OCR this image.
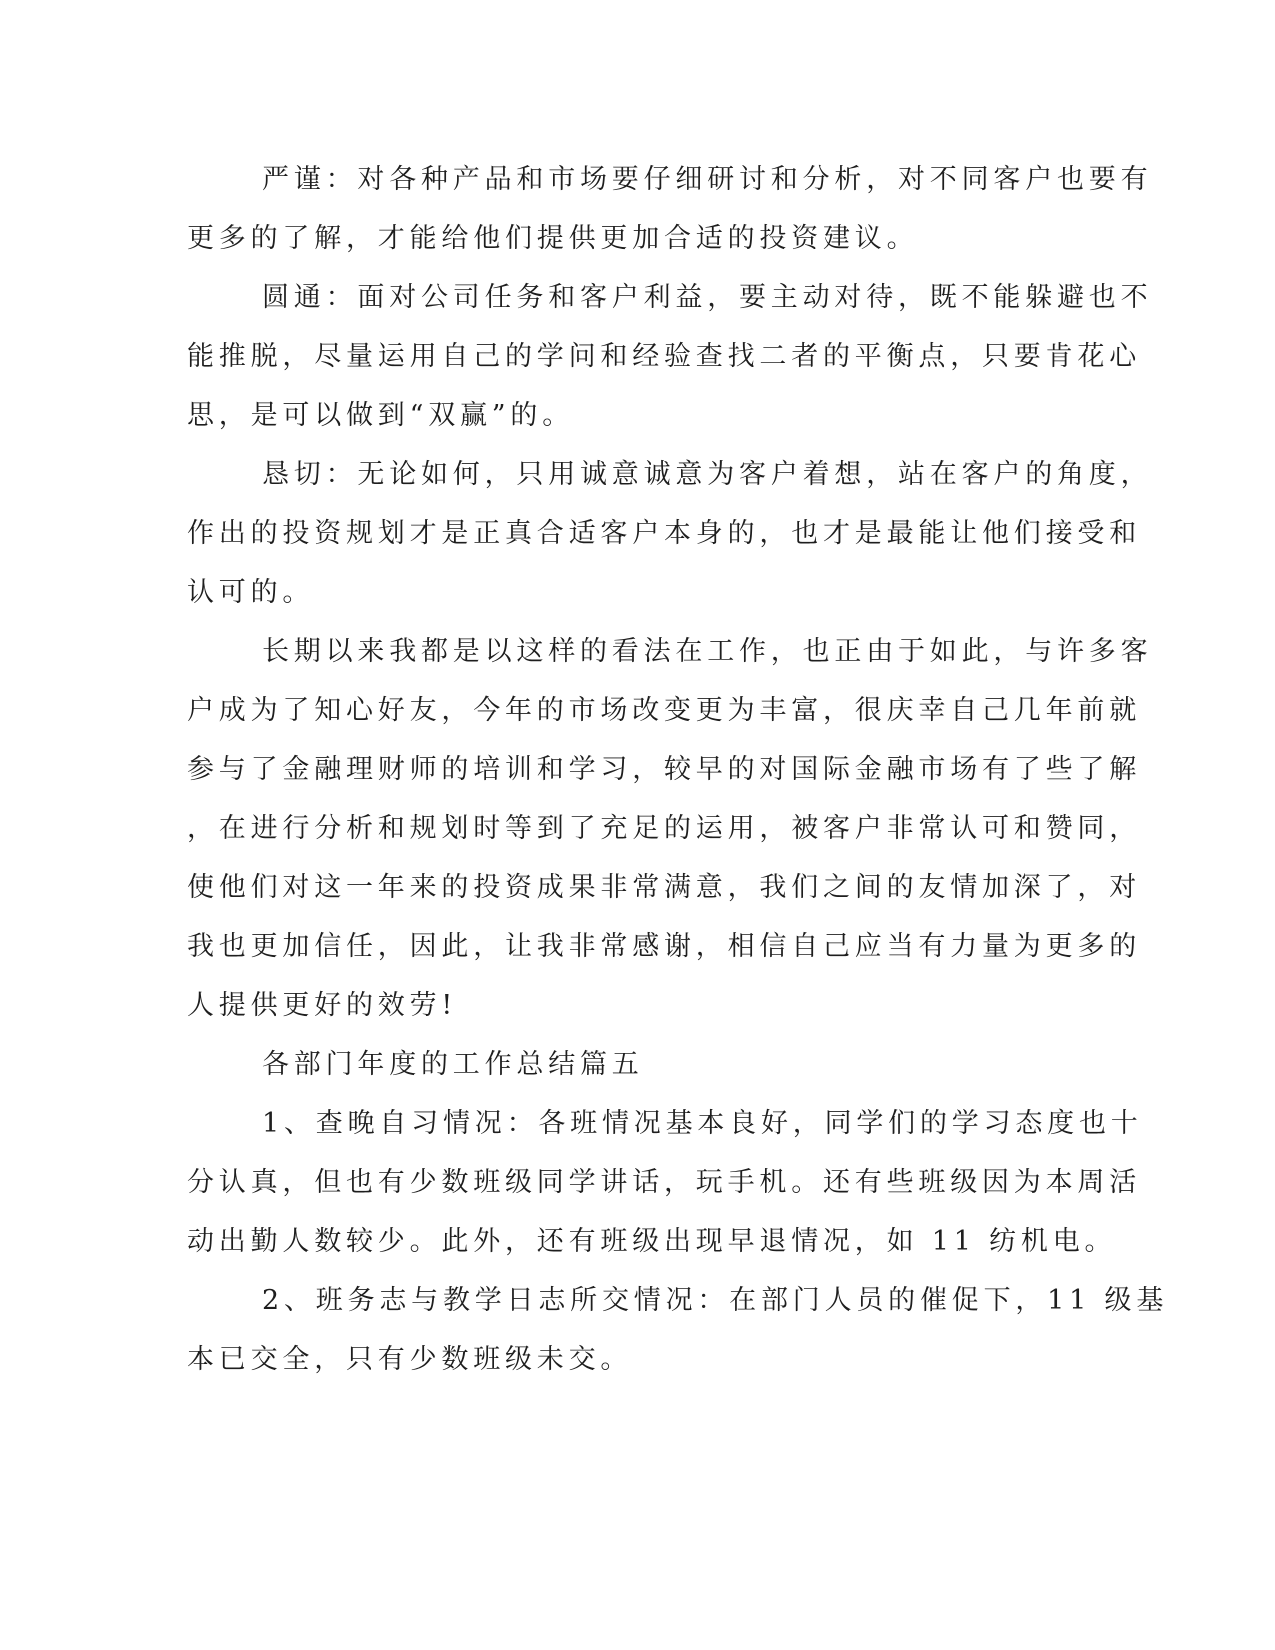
严谨：对各种产品和市场要仔细研讨和分析，对不同客户也要有

更多的了解，才能给他们提供更加合适的投资建议。

圆通：面对公司任务和客户利益，要主动对待，既不能躲避也不

能推脱，尽量运用自己的学问和经验查找二者的平衡点，只要肯花心

思，是可以做到“双赢”的。

恳切：无论如何，只用诚意诚意为客户着想，站在客户的角度，

作出的投资规划才是正真合适客户本身的，也才是最能让他们接受和

认可的。

长期以来我都是以这样的看法在工作，也正由于如此，与许多客

户成为了知心好友，今年的市场改变更为丰富，很庆幸自己几年前就

参与了金融理财师的培训和学习，较早的对国际金融市场有了些了解

，在进行分析和规划时等到了充足的运用，被客户非常认可和赞同，

使他们对这一年来的投资成果非常满意，我们之间的友情加深了，对

我也更加信任，因此，让我非常感谢，相信自己应当有力量为更多的

人提供更好的效劳!

各部门年度的工作总结篇五

1、查晚自习情况：各班情况基本良好，同学们的学习态度也十

分认真，但也有少数班级同学讲话，玩手机。还有些班级因为本周活

动出勤人数较少。此外，还有班级出现早退情况，如 11 纺机电。

2、班务志与教学日志所交情况：在部门人员的催促下，11 级基

本已交全，只有少数班级未交。
